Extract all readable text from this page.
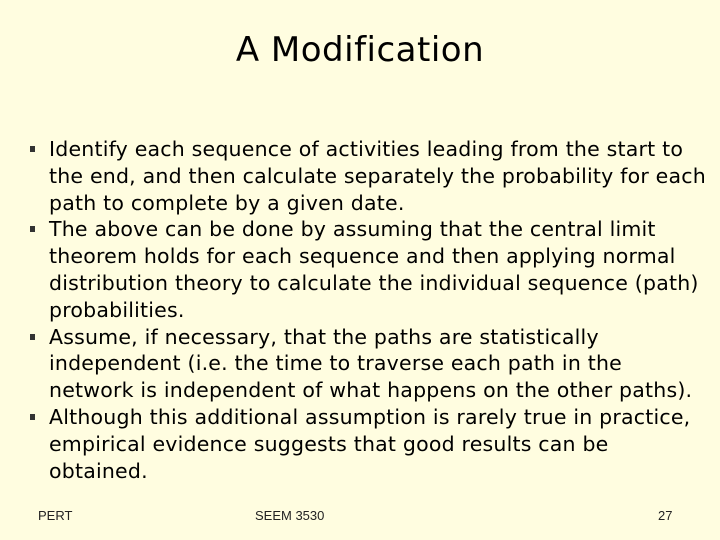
A Modification
Identify each sequence of activities leading from the start to the end, and then calculate separately the probability for each path to complete by a given date.
The above can be done by assuming that the central limit theorem holds for each sequence and then applying normal distribution theory to calculate the individual sequence (path) probabilities.
Assume, if necessary, that the paths are statistically independent (i.e. the time to traverse each path in the network is independent of what happens on the other paths).
Although this additional assumption is rarely true in practice, empirical evidence suggests that good results can be obtained.
PERT	SEEM 3530	27
